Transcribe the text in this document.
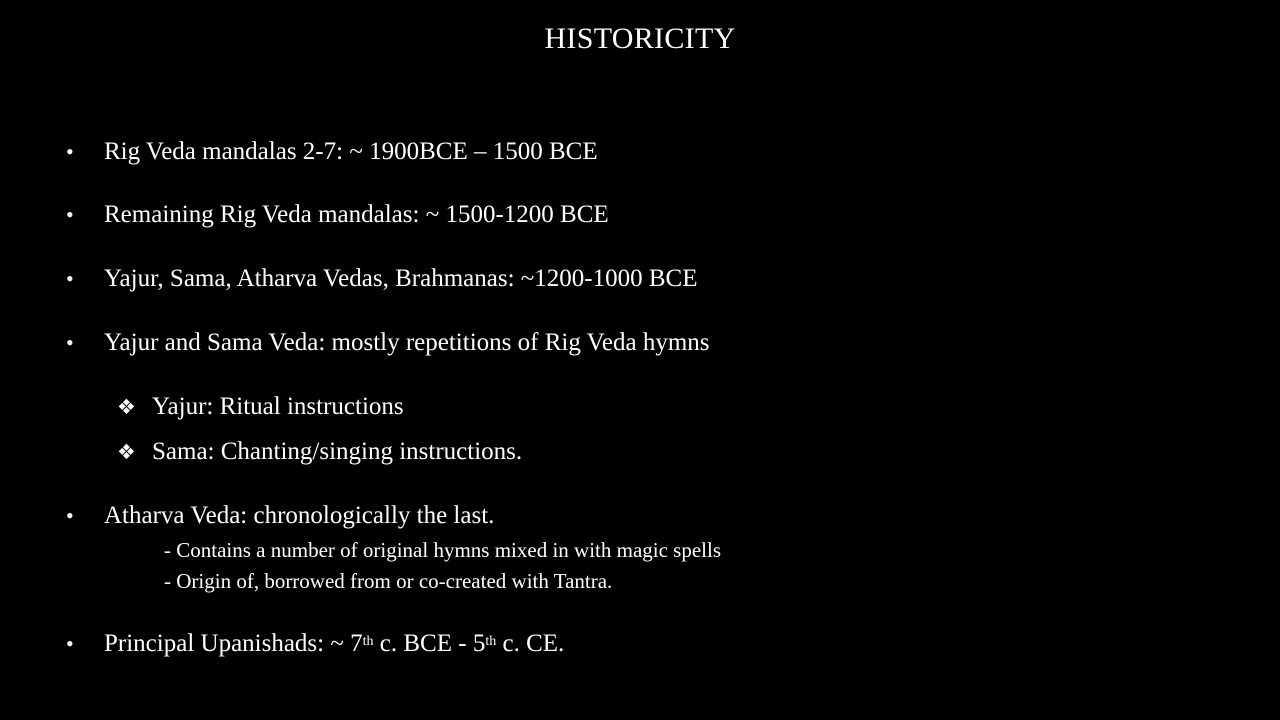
HISTORICITY
• Rig Veda mandalas 2-7: ~ 1900BCE – 1500 BCE
• Remaining Rig Veda mandalas: ~ 1500-1200 BCE
• Yajur, Sama, Atharva Vedas, Brahmanas: ~1200-1000 BCE
• Yajur and Sama Veda: mostly repetitions of Rig Veda hymns
❖ Yajur: Ritual instructions
❖ Sama: Chanting/singing instructions.
• Atharva Veda: chronologically the last.
- Contains a number of original hymns mixed in with magic spells
- Origin of, borrowed from or co-created with Tantra.
• Principal Upanishads: ~ 7th c. BCE - 5th c. CE.
